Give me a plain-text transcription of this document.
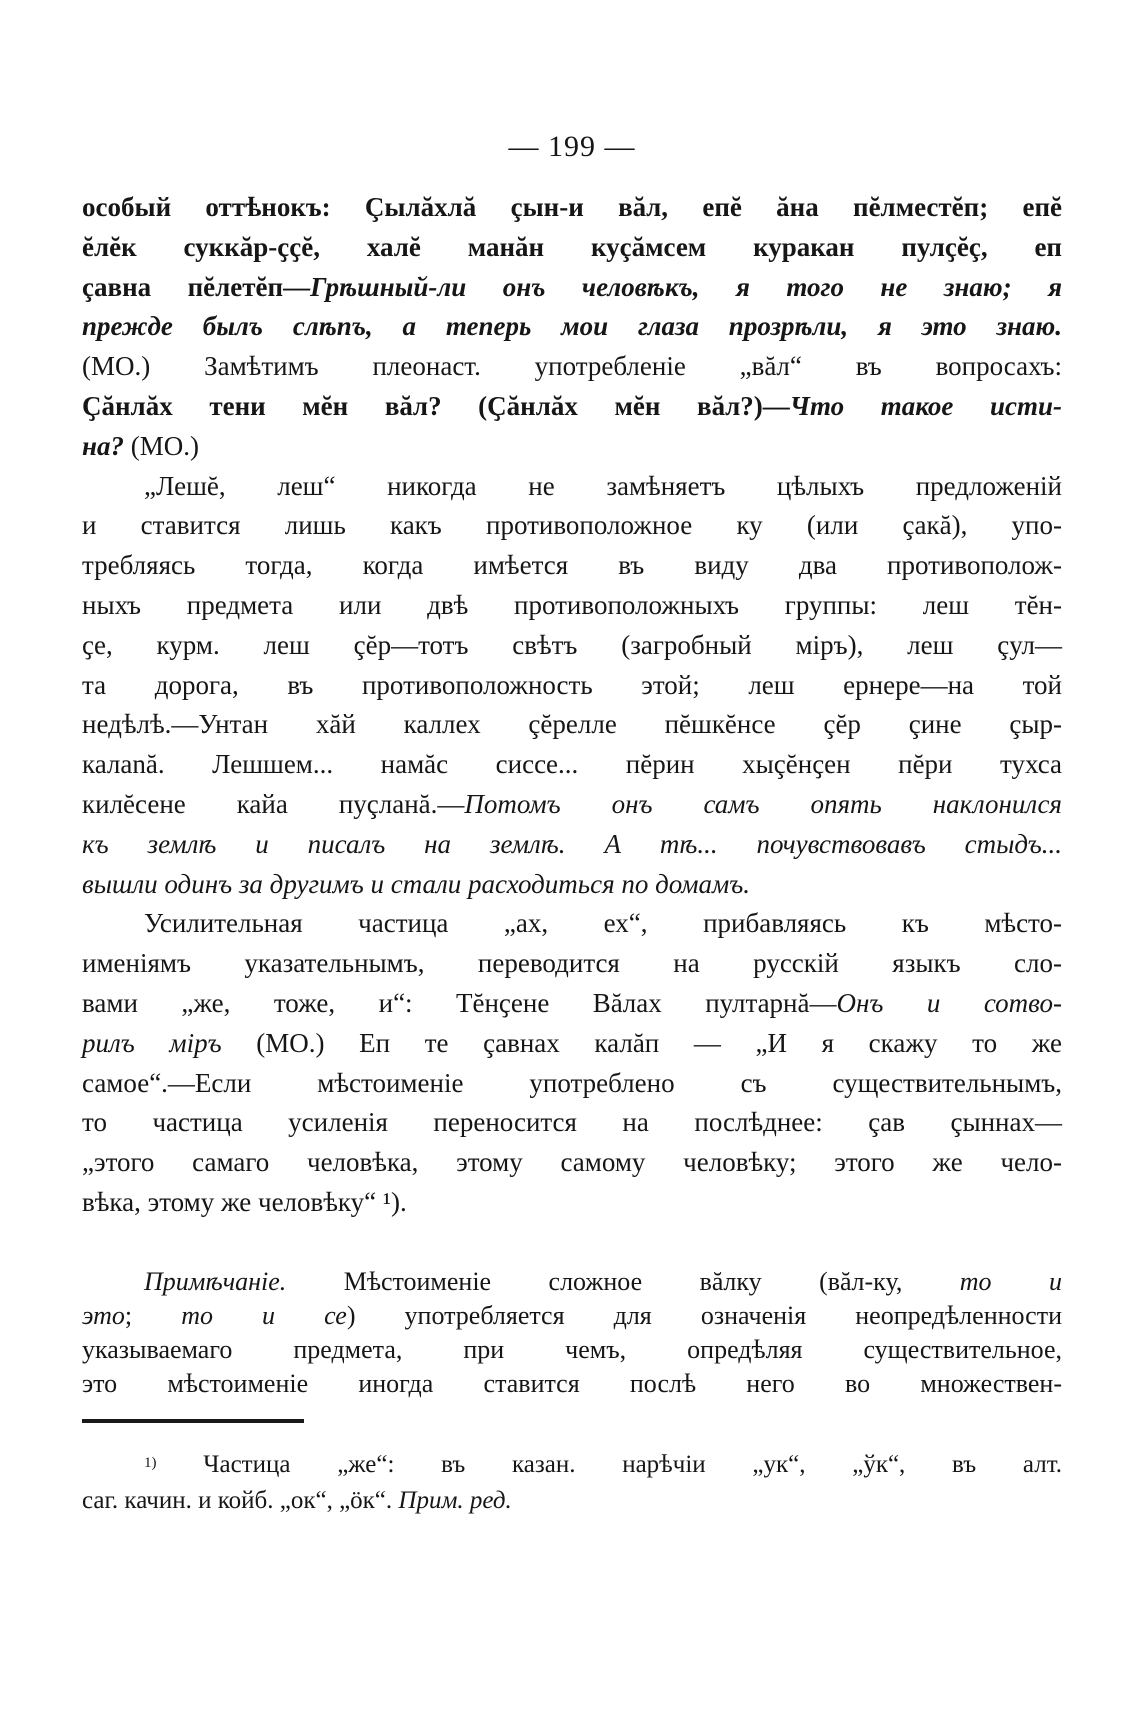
— 199 —
особый оттѣнокъ: Çылăхлă çын-и вăл, епĕ ăна пĕлместĕп; епĕ
ĕлĕк суккăр-ҫҫĕ, халĕ манăн куçăмсем куракан пулҫĕç, еп
çавна пĕлетĕп—Грѣшный-ли онъ человѣкъ, я того не знаю; я
прежде былъ слѣпъ, а теперь мои глаза прозрѣли, я это знаю.
(МО.) Замѣтимъ плеонаст. употребленіе „вăл“ въ вопросахъ:
Ҫăнлăх тени мĕн вăл? (Ҫăнлăх мĕн вăл?)—Что такое исти-
на? (МО.)
„Лешĕ, леш“ никогда не замѣняетъ цѣлыхъ предложеній
и ставится лишь какъ противоположное ку (или çакă), упо-
требляясь тогда, когда имѣется въ виду два противополож-
ныхъ предмета или двѣ противоположныхъ группы: леш тĕн-
ҫе, курм. леш çĕр—тотъ свѣтъ (загробный міръ), леш çул—
та дорога, въ противоположность этой; леш ернере—на той
недѣлѣ.—Унтан хăй каллех çĕрелле пĕшкĕнсе çĕр çине çыр-
калană. Лешшем... намăс сисcе... пĕрин хыçĕнҫен пĕри тухса
килĕсене кайа пуçланă.—Потомъ онъ самъ опять наклонился
къ землѣ и писалъ на землѣ. А тѣ... почувствовавъ стыдъ...
вышли одинъ за другимъ и стали расходиться по домамъ.
Усилительная частица „ах, ех“, прибавляясь къ мѣсто-
именіямъ указательнымъ, переводится на русскій языкъ сло-
вами „же, тоже, и“: Тĕнҫене Вăлах пултарнă—Онъ и сотво-
рилъ міръ (МО.) Еп те çавнах калăп — „И я скажу то же
самое“.—Если мѣстоименіе употреблено съ существительнымъ,
то частица усиленія переносится на послѣднее: çав çыннах—
„этого самаго человѣка, этому самому человѣку; этого же чело-
вѣка, этому же человѣку“ ¹).
Примѣчаніе. Мѣстоименіе сложное вăлку (вăл-ку, то и
это; то и се) употребляется для означенія неопредѣленности
указываемаго предмета, при чемъ, опредѣляя существительное,
это мѣстоименіе иногда ставится послѣ него во множествен-
$^{1)}$ Частица „же“: въ казан. нарѣчіи „ук“, „ўк“, въ алт.
саг. качин. и койб. „ок“, „öк“. Прим. ред.
